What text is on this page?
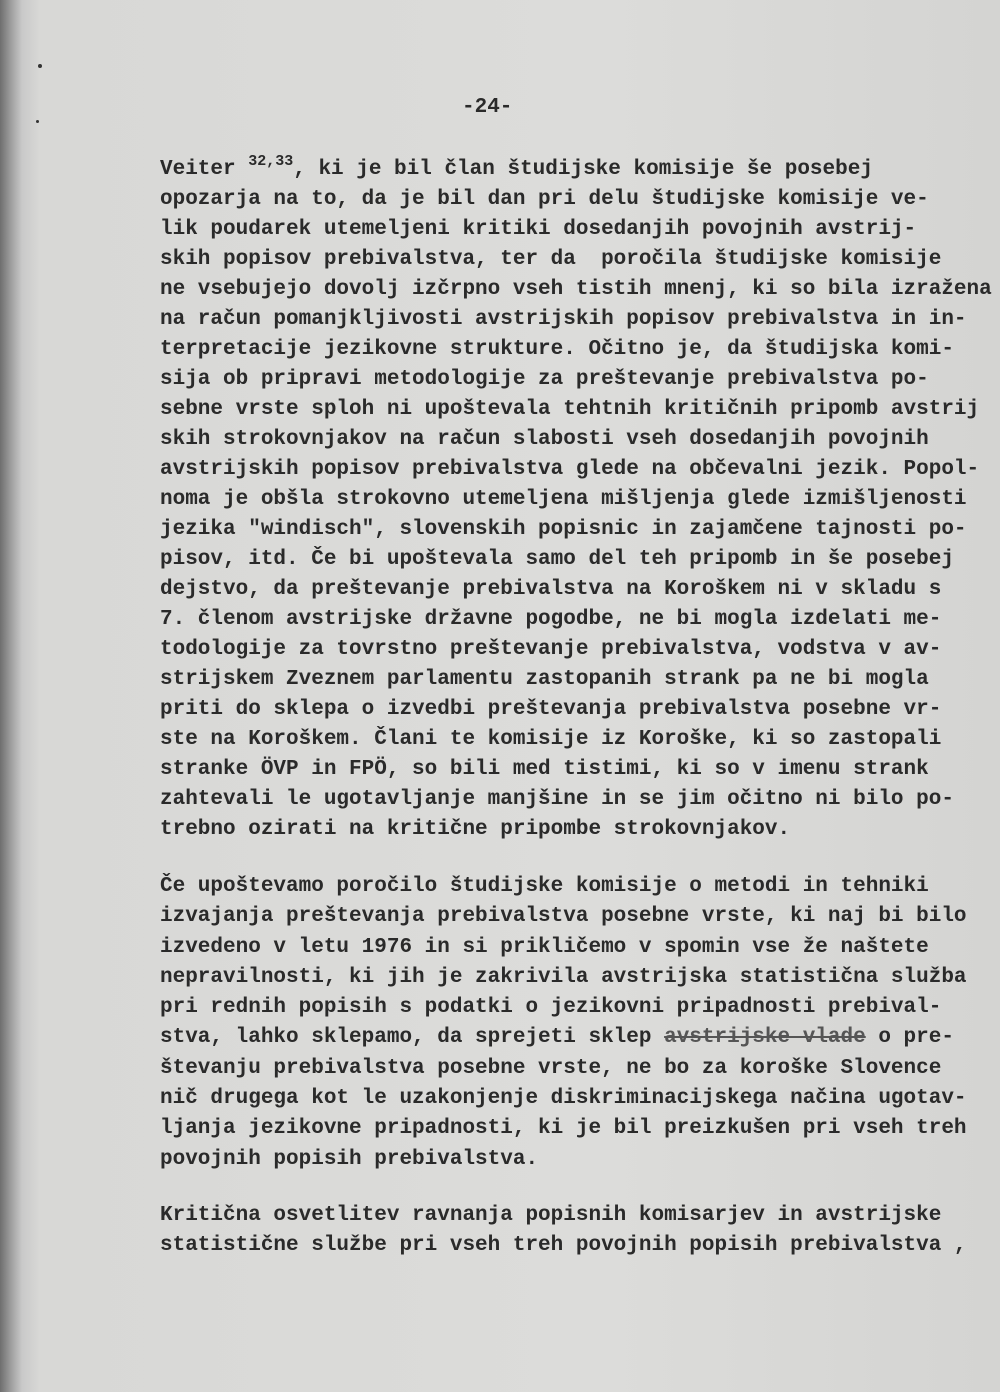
-24-
Veiter $^{32,33}$, ki je bil član študijske komisije še posebej
opozarja na to, da je bil dan pri delu študijske komisije ve-
lik poudarek utemeljeni kritiki dosedanjih povojnih avstrij-
skih popisov prebivalstva, ter da  poročila študijske komisije
ne vsebujejo dovolj izčrpno vseh tistih mnenj, ki so bila izražena
na račun pomanjkljivosti avstrijskih popisov prebivalstva in in-
terpretacije jezikovne strukture. Očitno je, da študijska komi-
sija ob pripravi metodologije za preštevanje prebivalstva po-
sebne vrste sploh ni upoštevala tehtnih kritičnih pripomb avstrij
skih strokovnjakov na račun slabosti vseh dosedanjih povojnih
avstrijskih popisov prebivalstva glede na občevalni jezik. Popol-
noma je obšla strokovno utemeljena mišljenja glede izmišljenosti
jezika "windisch", slovenskih popisnic in zajamčene tajnosti po-
pisov, itd. Če bi upoštevala samo del teh pripomb in še posebej
dejstvo, da preštevanje prebivalstva na Koroškem ni v skladu s
7. členom avstrijske državne pogodbe, ne bi mogla izdelati me-
todologije za tovrstno preštevanje prebivalstva, vodstva v av-
strijskem Zveznem parlamentu zastopanih strank pa ne bi mogla
priti do sklepa o izvedbi preštevanja prebivalstva posebne vr-
ste na Koroškem. Člani te komisije iz Koroške, ki so zastopali
stranke ÖVP in FPÖ, so bili med tistimi, ki so v imenu strank
zahtevali le ugotavljanje manjšine in se jim očitno ni bilo po-
trebno ozirati na kritične pripombe strokovnjakov.
Če upoštevamo poročilo študijske komisije o metodi in tehniki
izvajanja preštevanja prebivalstva posebne vrste, ki naj bi bilo
izvedeno v letu 1976 in si prikličemo v spomin vse že naštete
nepravilnosti, ki jih je zakrivila avstrijska statistična služba
pri rednih popisih s podatki o jezikovni pripadnosti prebival-
stva, lahko sklepamo, da sprejeti sklep avstrijske vlade o pre-
števanju prebivalstva posebne vrste, ne bo za koroške Slovence
nič drugega kot le uzakonjenje diskriminacijskega načina ugotav-
ljanja jezikovne pripadnosti, ki je bil preizkušen pri vseh treh
povojnih popisih prebivalstva.
Kritična osvetlitev ravnanja popisnih komisarjev in avstrijske
statistične službe pri vseh treh povojnih popisih prebivalstva ,
